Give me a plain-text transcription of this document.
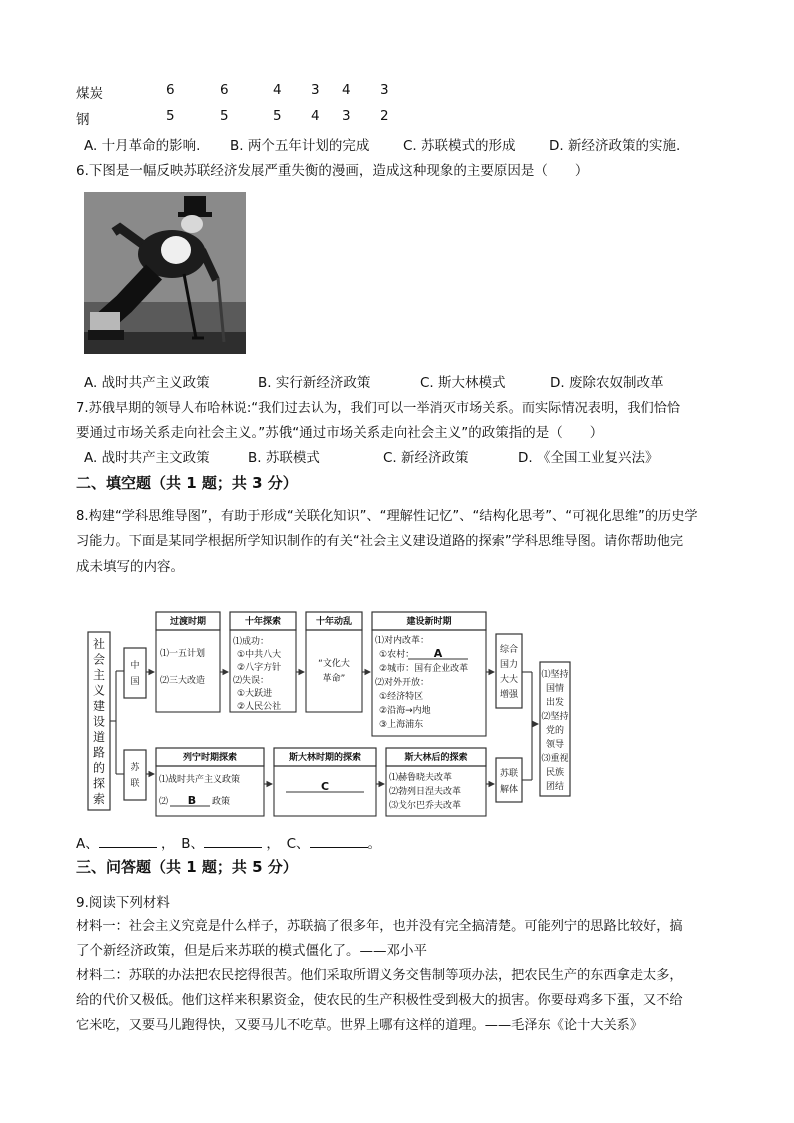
煤炭	6	6	4 3 4 3
钢	5	5	5 4 3 2
A. 十月革命的影响. B. 两个五年计划的完成 C. 苏联模式的形成 D. 新经济政策的实施.
6.下图是一幅反映苏联经济发展严重失衡的漫画，造成这种现象的主要原因是（　　）
A. 战时共产主义政策	B. 实行新经济政策	C. 斯大林模式	D. 废除农奴制改革
7.苏俄早期的领导人布哈林说:“我们过去认为，我们可以一举消灭市场关系。而实际情况表明，我们恰恰
要通过市场关系走向社会主义。”苏俄“通过市场关系走向社会主义”的政策指的是（　　）
A. 战时共产主文政策	B. 苏联模式	C. 新经济政策	D. 《全国工业复兴法》
二、填空题（共 1 题；共 3 分）
8.构建“学科思维导图”，有助于形成“关联化知识”、“理解性记忆”、“结构化思考”、“可视化思维”的历史学
习能力。下面是某同学根据所学知识制作的有关“社会主义建设道路的探索”学科思维导图。请你帮助他完
成未填写的内容。
社
会
主
义
建
设
道
路
的
探
索
中
国
苏
联
过渡时期
⑴一五计划
⑵三大改造
十年探索
⑴成功：
①中共八大
②八字方针
⑵失误：
①大跃进
②人民公社
十年动乱
“文化大
革命”
建设新时期
⑴对内改革：
①农村： A
②城市：国有企业改革
⑵对外开放：
①经济特区
②沿海→内地
③上海浦东
综合
国力
大大
增强
列宁时期探索
⑴战时共产主义政策
⑵ B 政策
斯大林时期的探索
C
斯大林后的探索
⑴赫鲁晓夫改革
⑵勃列日涅夫改革
⑶戈尔巴乔夫改革
苏联
解体
⑴坚持
国情
出发
⑵坚持
党的
领导
⑶重视
民族
团结
A、	，　B、	，　C、	。
三、问答题（共 1 题；共 5 分）
9.阅读下列材料
材料一：社会主义究竟是什么样子，苏联搞了很多年，也并没有完全搞清楚。可能列宁的思路比较好，搞
了个新经济政策，但是后来苏联的模式僵化了。——邓小平
材料二：苏联的办法把农民挖得很苦。他们采取所谓义务交售制等项办法，把农民生产的东西拿走太多，
给的代价又极低。他们这样来积累资金，使农民的生产积极性受到极大的损害。你要母鸡多下蛋，又不给
它米吃，又要马儿跑得快，又要马儿不吃草。世界上哪有这样的道理。——毛泽东《论十大关系》
